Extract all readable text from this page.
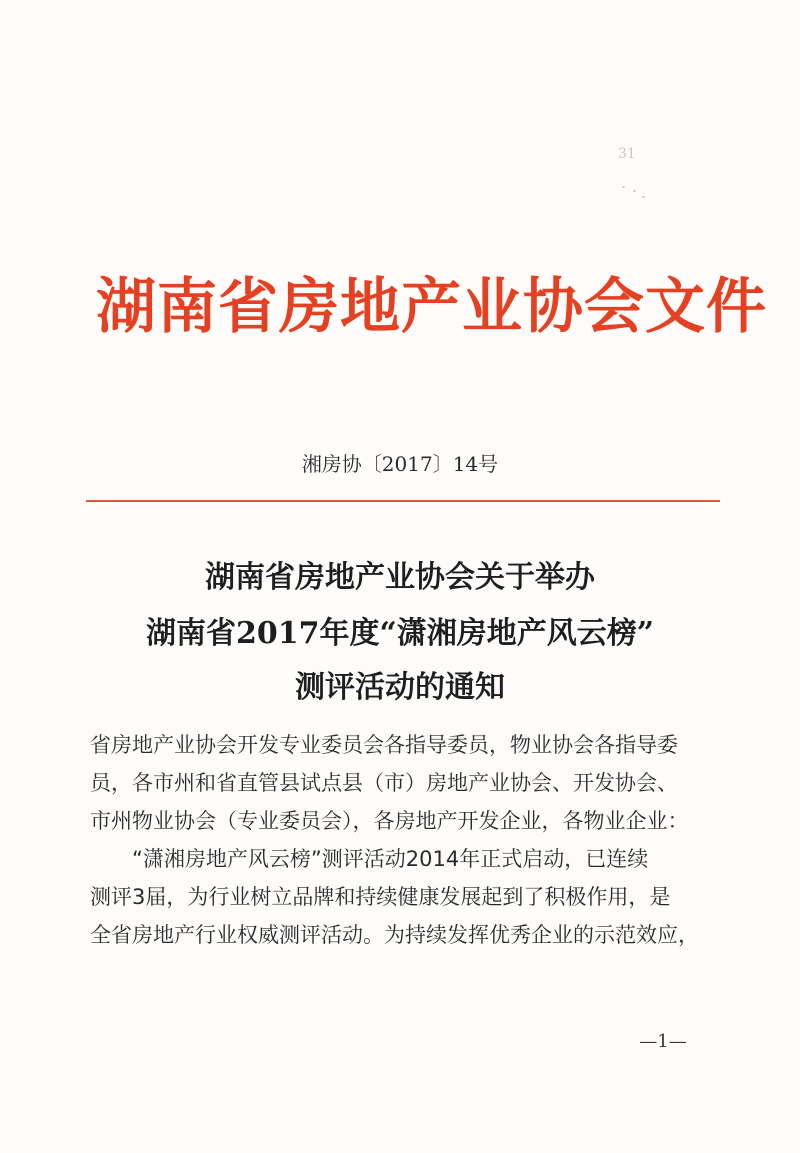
31
湖南省房地产业协会文件
湘房协〔2017〕14号
湖南省房地产业协会关于举办
湖南省2017年度“潇湘房地产风云榜”
测评活动的通知
省房地产业协会开发专业委员会各指导委员，物业协会各指导委
员，各市州和省直管县试点县（市）房地产业协会、开发协会、
市州物业协会（专业委员会），各房地产开发企业，各物业企业：
“潇湘房地产风云榜”测评活动2014年正式启动，已连续
测评3届，为行业树立品牌和持续健康发展起到了积极作用，是
全省房地产行业权威测评活动。为持续发挥优秀企业的示范效应，
—1—
